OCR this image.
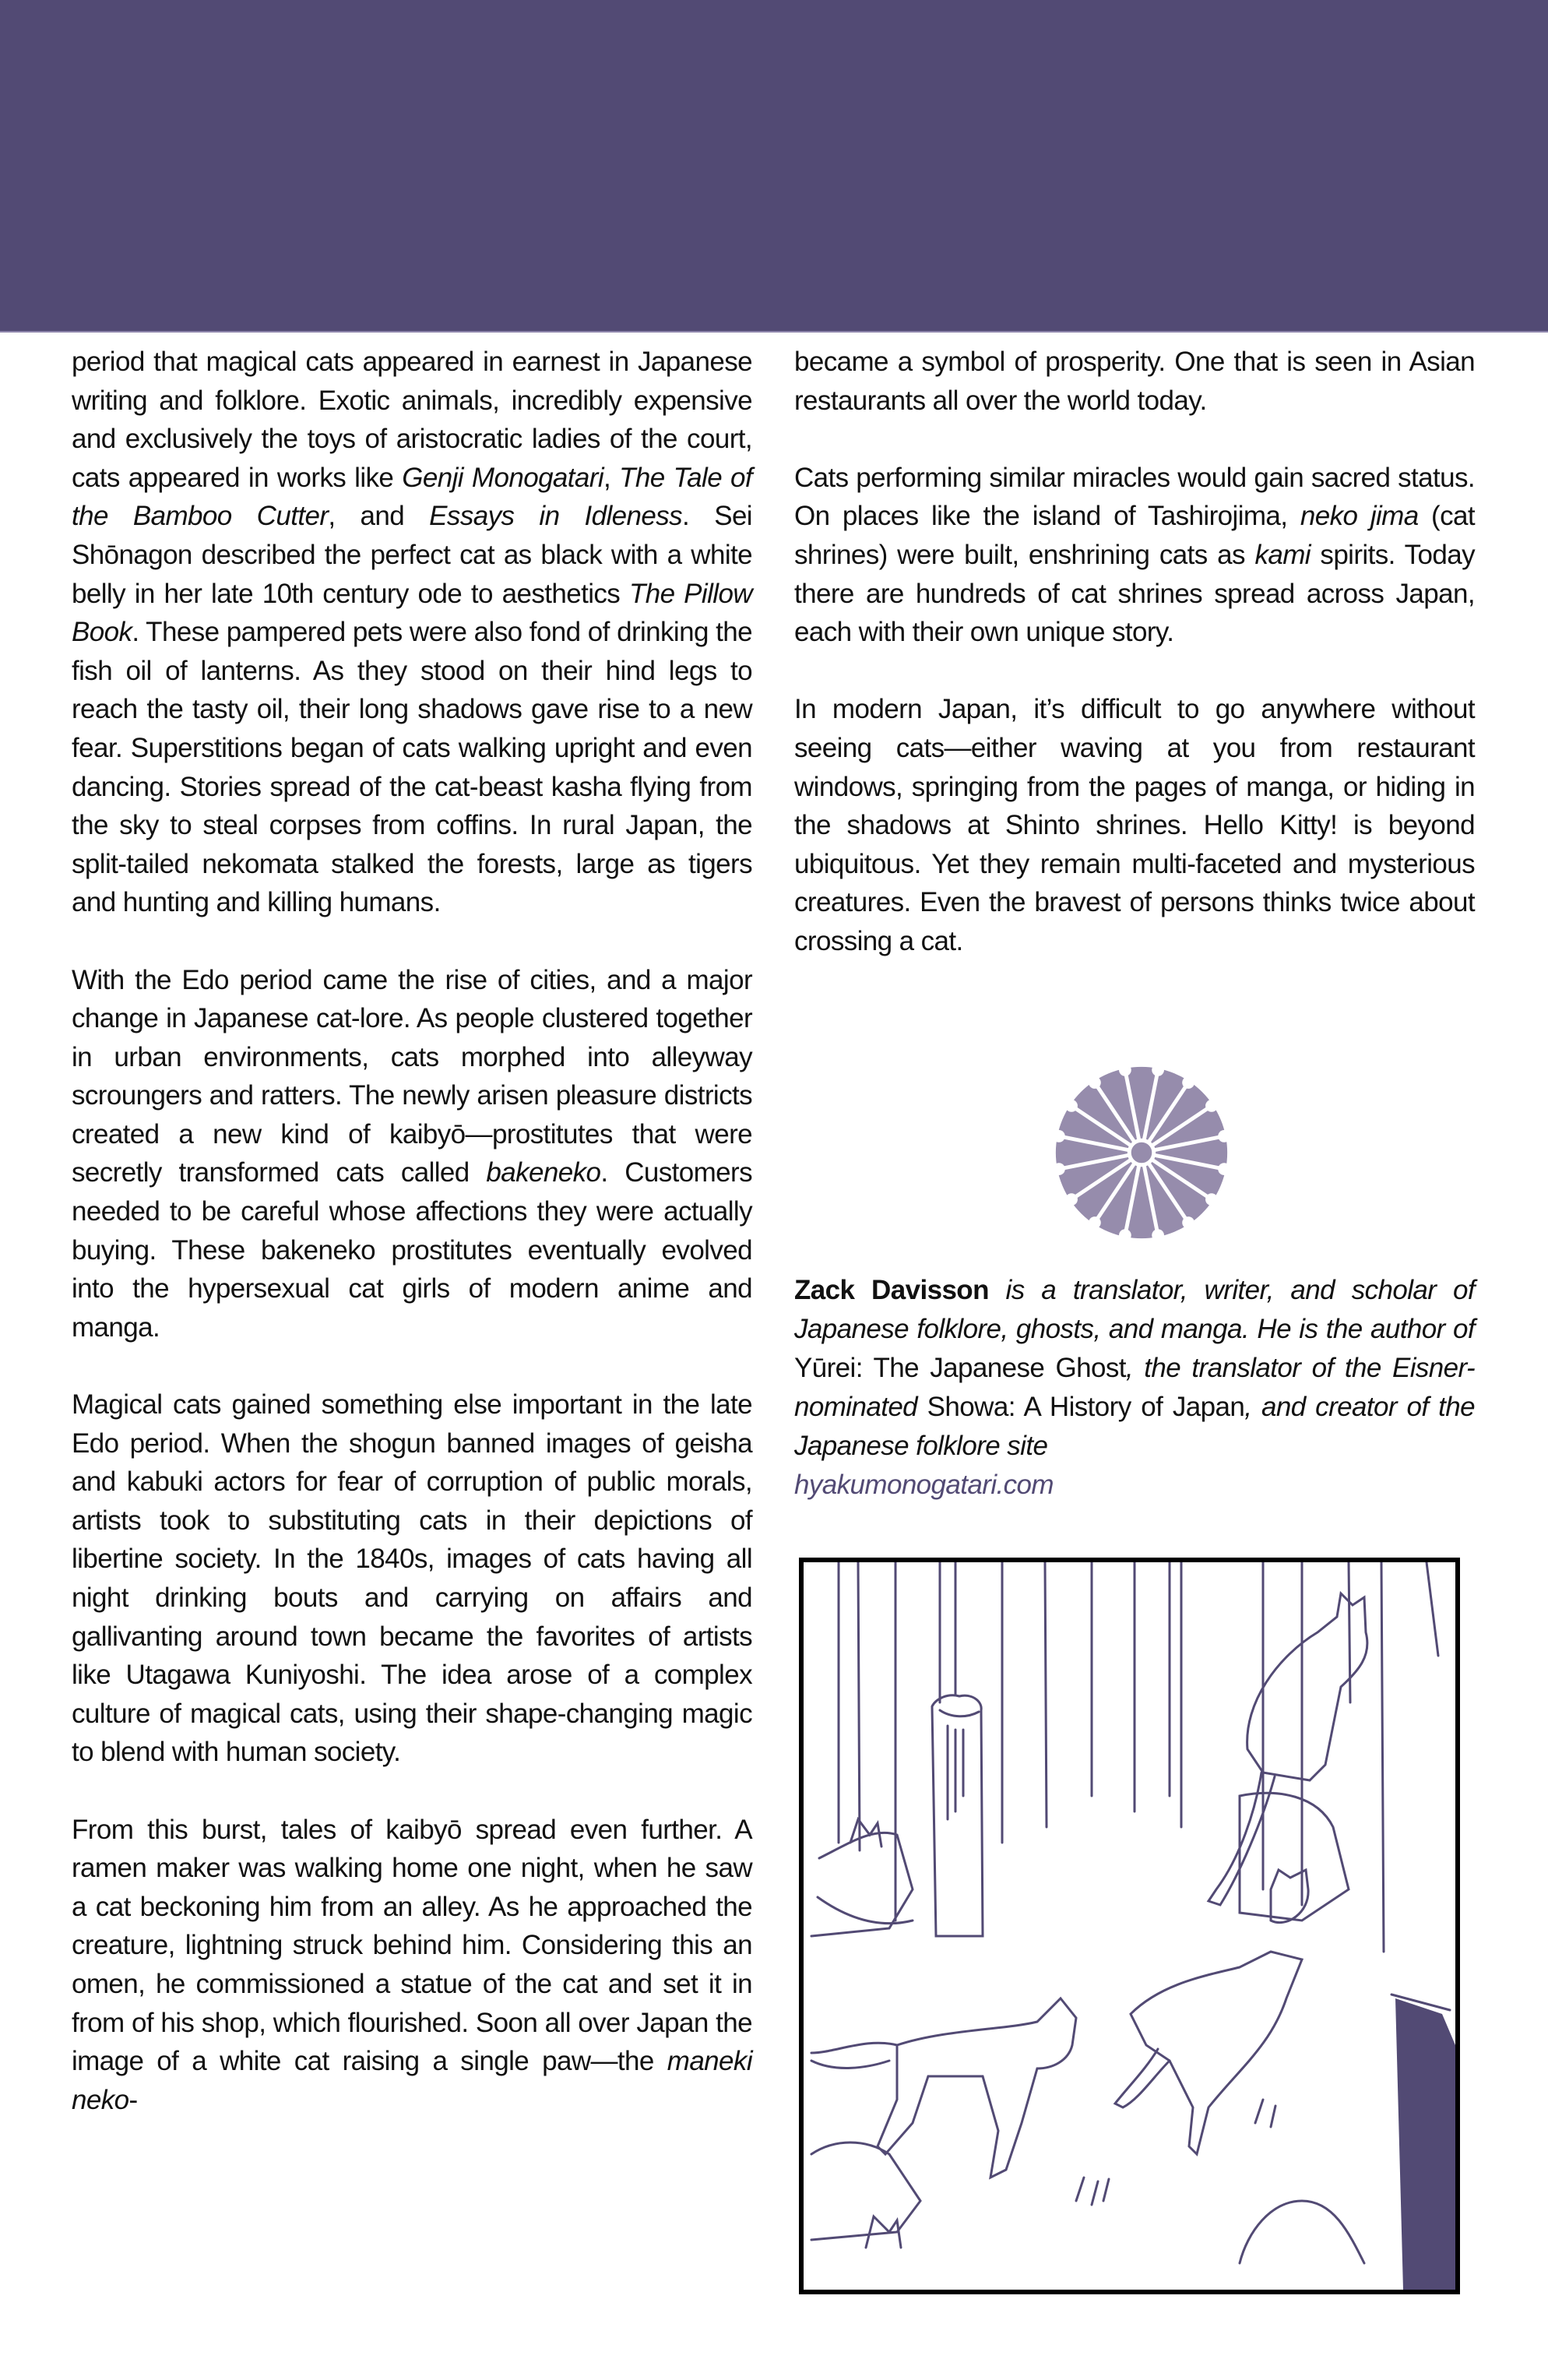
period that magical cats appeared in earnest in Japanese writing and folklore. Exotic animals, incredibly expensive and exclusively the toys of aristocratic ladies of the court, cats appeared in works like Genji Monogatari, The Tale of the Bamboo Cutter, and Essays in Idleness. Sei Shōnagon described the perfect cat as black with a white belly in her late 10th century ode to aesthetics The Pillow Book. These pampered pets were also fond of drinking the fish oil of lanterns. As they stood on their hind legs to reach the tasty oil, their long shadows gave rise to a new fear. Superstitions began of cats walking upright and even dancing. Stories spread of the cat-beast kasha flying from the sky to steal corpses from coffins. In rural Japan, the split-tailed nekomata stalked the forests, large as tigers and hunting and killing humans.

With the Edo period came the rise of cities, and a major change in Japanese cat-lore. As people clustered together in urban environments, cats morphed into alleyway scroungers and ratters. The newly arisen pleasure districts created a new kind of kaibyō—prostitutes that were secretly transformed cats called bakeneko. Customers needed to be careful whose affections they were actually buying. These bakeneko prostitutes eventually evolved into the hypersexual cat girls of modern anime and manga.

Magical cats gained something else important in the late Edo period. When the shogun banned images of geisha and kabuki actors for fear of corruption of public morals, artists took to substituting cats in their depictions of libertine society. In the 1840s, images of cats having all night drinking bouts and carrying on affairs and gallivanting around town became the favorites of artists like Utagawa Kuniyoshi. The idea arose of a complex culture of magical cats, using their shape-changing magic to blend with human society.

From this burst, tales of kaibyō spread even further. A ramen maker was walking home one night, when he saw a cat beckoning him from an alley. As he approached the creature, lightning struck behind him. Considering this an omen, he commissioned a statue of the cat and set it in from of his shop, which flourished. Soon all over Japan the image of a white cat raising a single paw—the maneki neko-

became a symbol of prosperity. One that is seen in Asian restaurants all over the world today.

Cats performing similar miracles would gain sacred status. On places like the island of Tashirojima, neko jima (cat shrines) were built, enshrining cats as kami spirits. Today there are hundreds of cat shrines spread across Japan, each with their own unique story.

In modern Japan, it’s difficult to go anywhere without seeing cats—either waving at you from restaurant windows, springing from the pages of manga, or hiding in the shadows at Shinto shrines. Hello Kitty! is beyond ubiquitous. Yet they remain multi-faceted and mysterious creatures. Even the bravest of persons thinks twice about crossing a cat.

Zack Davisson is a translator, writer, and scholar of Japanese folklore, ghosts, and manga. He is the author of Yūrei: The Japanese Ghost, the translator of the Eisner-nominated Showa: A History of Japan, and creator of the Japanese folklore site
hyakumonogatari.com
